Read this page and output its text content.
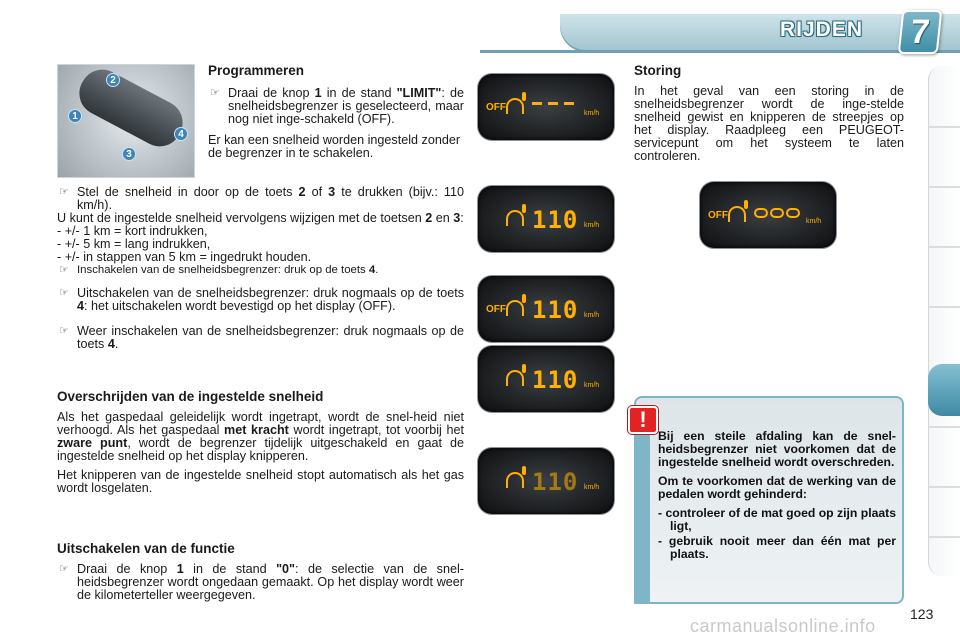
RIJDEN 7
2
1
3
4
Programmeren
☞ Draai de knop 1 in de stand "LIMIT": de snelheidsbegrenzer is geselecteerd, maar nog niet inge-schakeld (OFF).

Er kan een snelheid worden ingesteld zonder de begrenzer in te schakelen.

☞ Stel de snelheid in door op de toets 2 of 3 te drukken (bijv.: 110 km/h).

U kunt de ingestelde snelheid vervolgens wijzigen met de toetsen 2 en 3:

- +/- 1 km = kort indrukken,

- +/- 5 km = lang indrukken,

- +/- in stappen van 5 km = ingedrukt houden.

☞ Inschakelen van de snelheidsbegrenzer: druk op de toets 4.
☞ Uitschakelen van de snelheidsbegrenzer: druk nogmaals op de toets 4: het uitschakelen wordt bevestigd op het display (OFF).
☞ Weer inschakelen van de snelheidsbegrenzer: druk nogmaals op de toets 4.
Overschrijden van de ingestelde snelheid

Als het gaspedaal geleidelijk wordt ingetrapt, wordt de snel-heid niet verhoogd. Als het gaspedaal met kracht wordt ingetrapt, tot voorbij het zware punt, wordt de begrenzer tijdelijk uitgeschakeld en gaat de ingestelde snelheid op het display knipperen.

Het knipperen van de ingestelde snelheid stopt automatisch als het gas wordt losgelaten.

Uitschakelen van de functie
☞ Draai de knop 1 in de stand "0": de selectie van de snel-heidsbegrenzer wordt ongedaan gemaakt. Op het display wordt weer de kilometerteller weergegeven.
OFF
km/h
110 km/h
OFF 110 km/h
110 km/h
110 km/h
OFF
km/h
Storing

In het geval van een storing in de snelheidsbegrenzer wordt de inge-stelde snelheid gewist en knipperen de streepjes op het display. Raadpleeg een PEUGEOT-servicepunt om het systeem te laten controleren.

!

Bij een steile afdaling kan de snel-heidsbegrenzer niet voorkomen dat de ingestelde snelheid wordt overschreden.

Om te voorkomen dat de werking van de pedalen wordt gehinderd:

- controleer of de mat goed op zijn plaats ligt,

- gebruik nooit meer dan één mat per plaats.

123
carmanualsonline.info
